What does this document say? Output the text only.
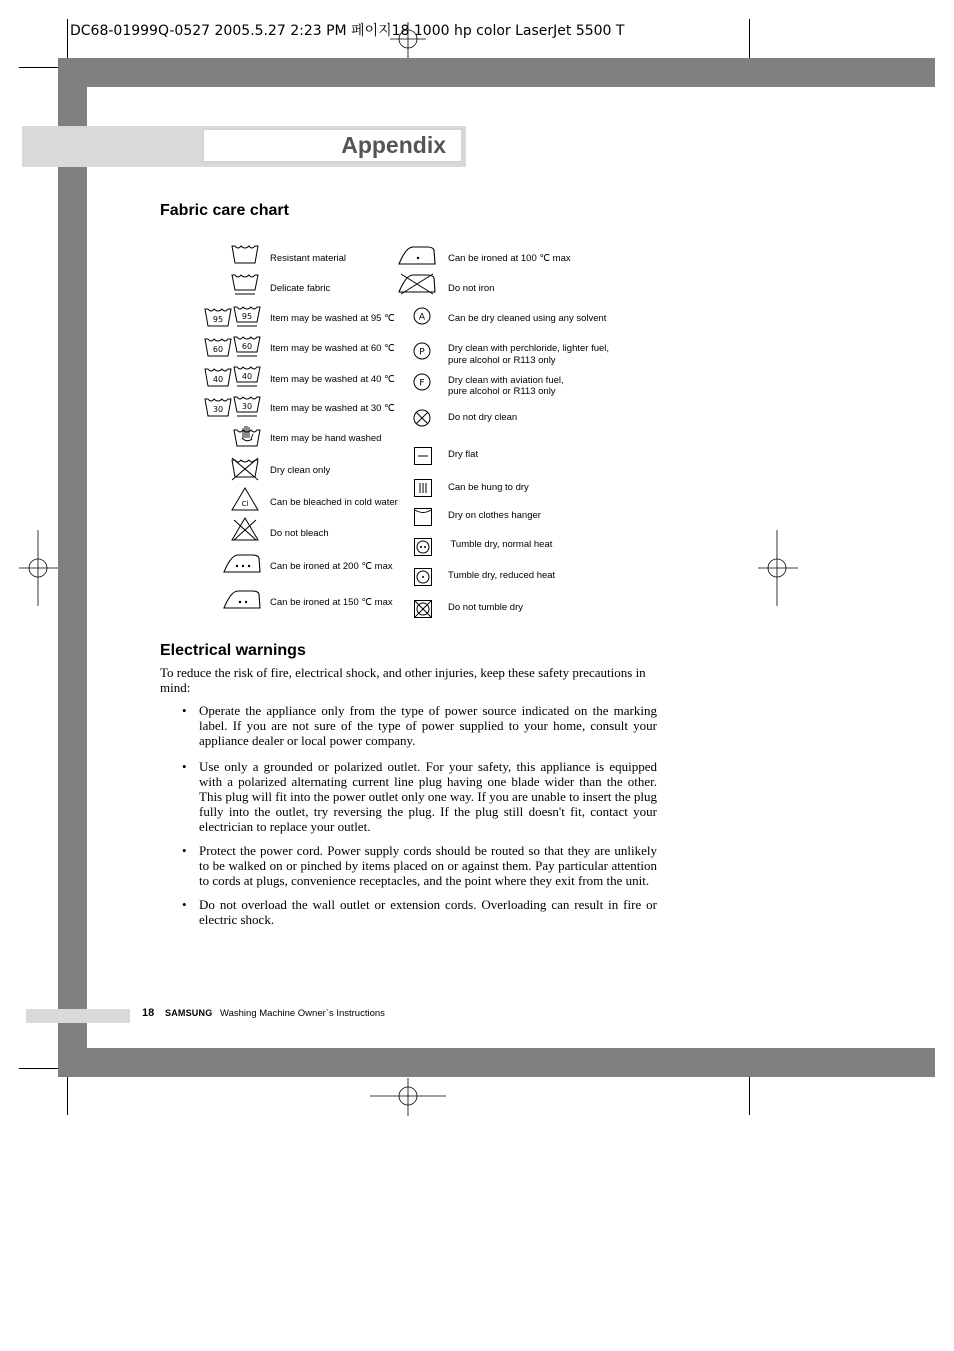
DC68-01999Q-0527 2005.5.27 2:23 PM 페이지18 1000 hp color LaserJet 5500 T
Appendix
Fabric care chart
Resistant material
Delicate fabric
95 95 Item may be washed at 95 ℃
60 60 Item may be washed at 60 ℃
40 40 Item may be washed at 40 ℃
30 30 Item may be washed at 30 ℃
Item may be hand washed
Dry clean only
Cl Can be bleached in cold water
Do not bleach
Can be ironed at 200 ℃ max
Can be ironed at 150 ℃ max
Can be ironed at 100 ℃ max
Do not iron
A Can be dry cleaned using any solvent
P Dry clean with perchloride, lighter fuel,
pure alcohol or R113 only
F Dry clean with aviation fuel,
pure alcohol or R113 only
Do not dry clean
Dry flat
Can be hung to dry
Dry on clothes hanger
Tumble dry, normal heat
Tumble dry, reduced heat
Do not tumble dry
Electrical warnings
To reduce the risk of fire, electrical shock, and other injuries, keep these safety precautions in mind:
• Operate the appliance only from the type of power source indicated on the marking label. If you are not sure of the type of power supplied to your home, consult your appliance dealer or local power company.
• Use only a grounded or polarized outlet. For your safety, this appliance is equipped with a polarized alternating current line plug having one blade wider than the other. This plug will fit into the power outlet only one way. If you are unable to insert the plug fully into the outlet, try reversing the plug. If the plug still doesn't fit, contact your electrician to replace your outlet.
• Protect the power cord. Power supply cords should be routed so that they are unlikely to be walked on or pinched by items placed on or against them. Pay particular attention to cords at plugs, convenience receptacles, and the point where they exit from the unit.
• Do not overload the wall outlet or extension cords. Overloading can result in fire or electric shock.
18 SAMSUNG Washing Machine Owner`s Instructions
